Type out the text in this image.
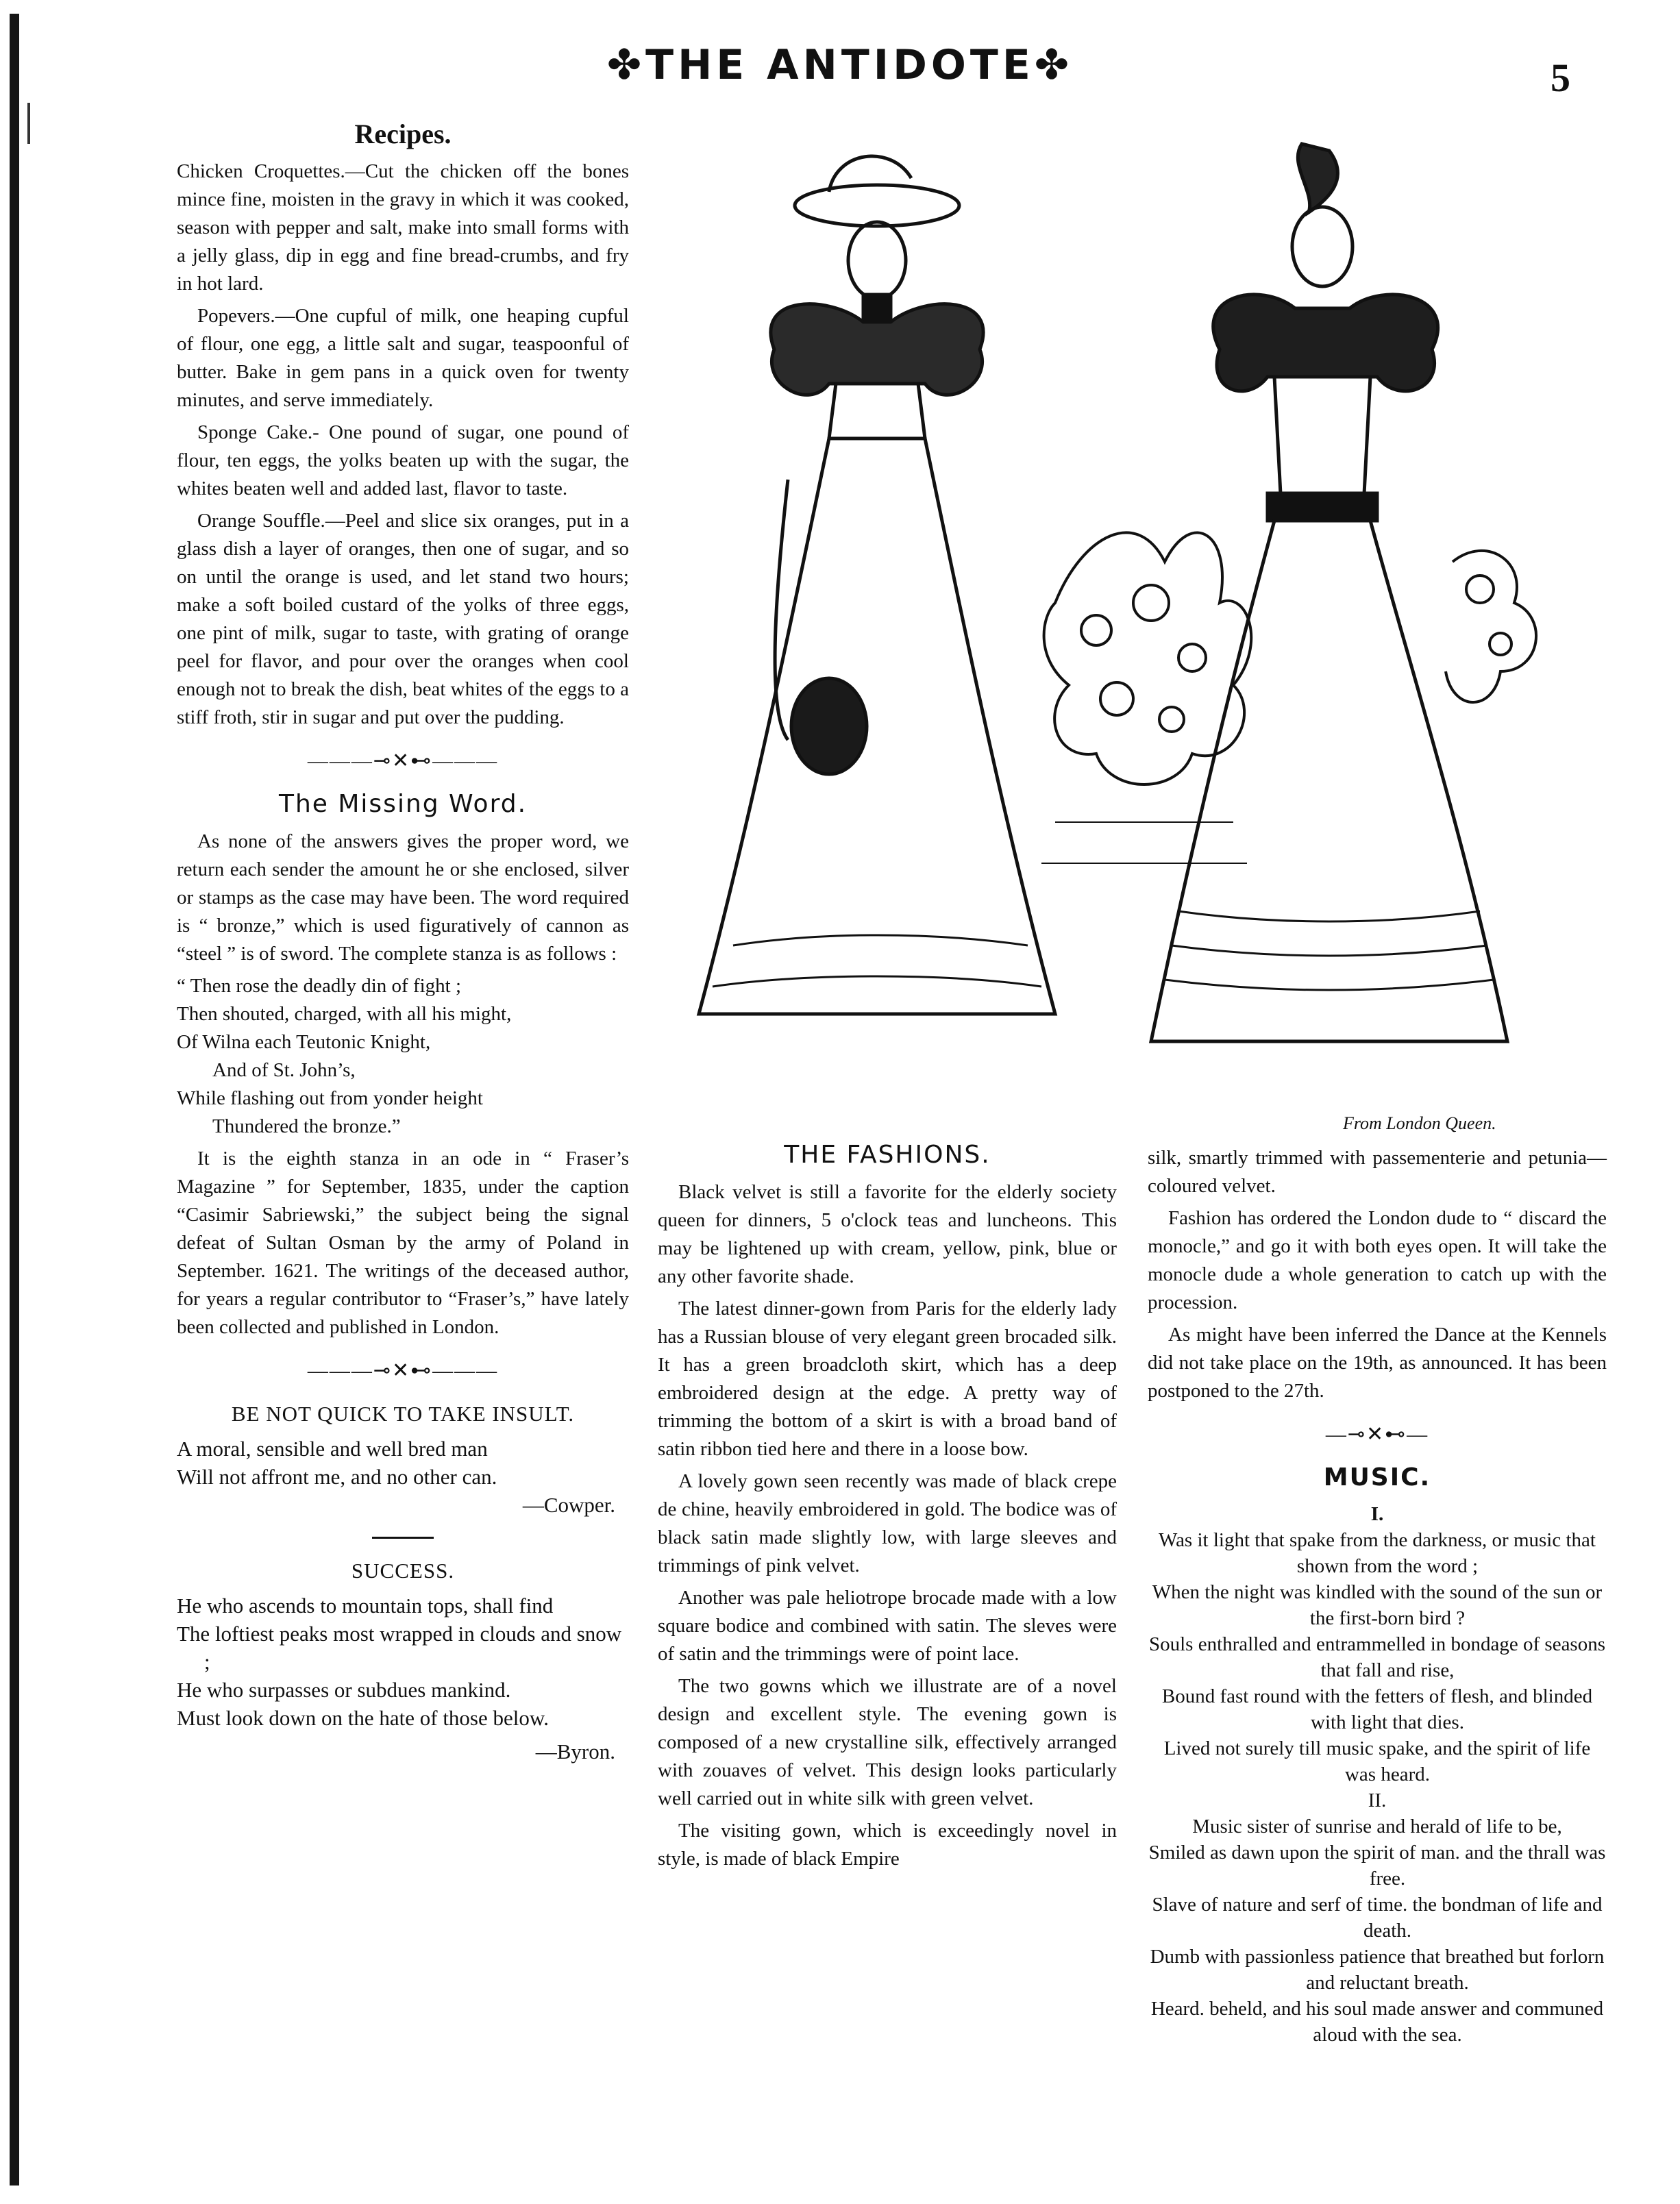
✤THE ANTIDOTE✤	5
Recipes.

Chicken Croquettes.—Cut the chicken off the bones mince fine, moisten in the gravy in which it was cooked, season with pepper and salt, make into small forms with a jelly glass, dip in egg and fine bread-crumbs, and fry in hot lard.

Popevers.—One cupful of milk, one heaping cupful of flour, one egg, a little salt and sugar, teaspoonful of butter. Bake in gem pans in a quick oven for twenty minutes, and serve immediately.

Sponge Cake.- One pound of sugar, one pound of flour, ten eggs, the yolks beaten up with the sugar, the whites beaten well and added last, flavor to taste.

Orange Souffle.—Peel and slice six oranges, put in a glass dish a layer of oranges, then one of sugar, and so on until the orange is used, and let stand two hours; make a soft boiled custard of the yolks of three eggs, one pint of milk, sugar to taste, with grating of orange peel for flavor, and pour over the oranges when cool enough not to break the dish, beat whites of the eggs to a stiff froth, stir in sugar and put over the pudding.

———⊸✕⊷———
The Missing Word.

As none of the answers gives the proper word, we return each sender the amount he or she enclosed, silver or stamps as the case may have been. The word required is “ bronze,” which is used figuratively of cannon as “steel ” is of sword. The complete stanza is as follows :

“ Then rose the deadly din of fight ;
Then shouted, charged, with all his might,
Of Wilna each Teutonic Knight,
And of St. John’s,
While flashing out from yonder height
Thundered the bronze.”

It is the eighth stanza in an ode in “ Fraser’s Magazine ” for September, 1835, under the caption “Casimir Sabriewski,” the subject being the signal defeat of Sultan Osman by the army of Poland in September. 1621. The writings of the deceased author, for years a regular contributor to “Fraser’s,” have lately been collected and published in London.

———⊸✕⊷———
BE NOT QUICK TO TAKE INSULT.
A moral, sensible and well bred man
Will not affront me, and no other can.
—Cowper.
SUCCESS.
He who ascends to mountain tops, shall find
The loftiest peaks most wrapped in clouds and snow ;
He who surpasses or subdues mankind.
Must look down on the hate of those below.
—Byron.
From London Queen.
THE FASHIONS.

Black velvet is still a favorite for the elderly society queen for dinners, 5 o'clock teas and luncheons. This may be lightened up with cream, yellow, pink, blue or any other favorite shade.

The latest dinner-gown from Paris for the elderly lady has a Russian blouse of very elegant green brocaded silk. It has a green broadcloth skirt, which has a deep embroidered design at the edge. A pretty way of trimming the bottom of a skirt is with a broad band of satin ribbon tied here and there in a loose bow.

A lovely gown seen recently was made of black crepe de chine, heavily embroidered in gold. The bodice was of black satin made slightly low, with large sleeves and trimmings of pink velvet.

Another was pale heliotrope brocade made with a low square bodice and combined with satin. The sleves were of satin and the trimmings were of point lace.

The two gowns which we illustrate are of a novel design and excellent style. The evening gown is composed of a new crystalline silk, effectively arranged with zouaves of velvet. This design looks particularly well carried out in white silk with green velvet.

The visiting gown, which is exceedingly novel in style, is made of black Empire

silk, smartly trimmed with passementerie and petunia—coloured velvet.

Fashion has ordered the London dude to “ discard the monocle,” and go it with both eyes open. It will take the monocle dude a whole generation to catch up with the procession.

As might have been inferred the Dance at the Kennels did not take place on the 19th, as announced. It has been postponed to the 27th.

—⊸✕⊷—
MUSIC.
I.
Was it light that spake from the darkness, or music that shown from the word ;
When the night was kindled with the sound of the sun or the first-born bird ?
Souls enthralled and entrammelled in bondage of seasons that fall and rise,
Bound fast round with the fetters of flesh, and blinded with light that dies.
Lived not surely till music spake, and the spirit of life was heard.
II.
Music sister of sunrise and herald of life to be,
Smiled as dawn upon the spirit of man. and the thrall was free.
Slave of nature and serf of time. the bondman of life and death.
Dumb with passionless patience that breathed but forlorn and reluctant breath.
Heard. beheld, and his soul made answer and communed aloud with the sea.
